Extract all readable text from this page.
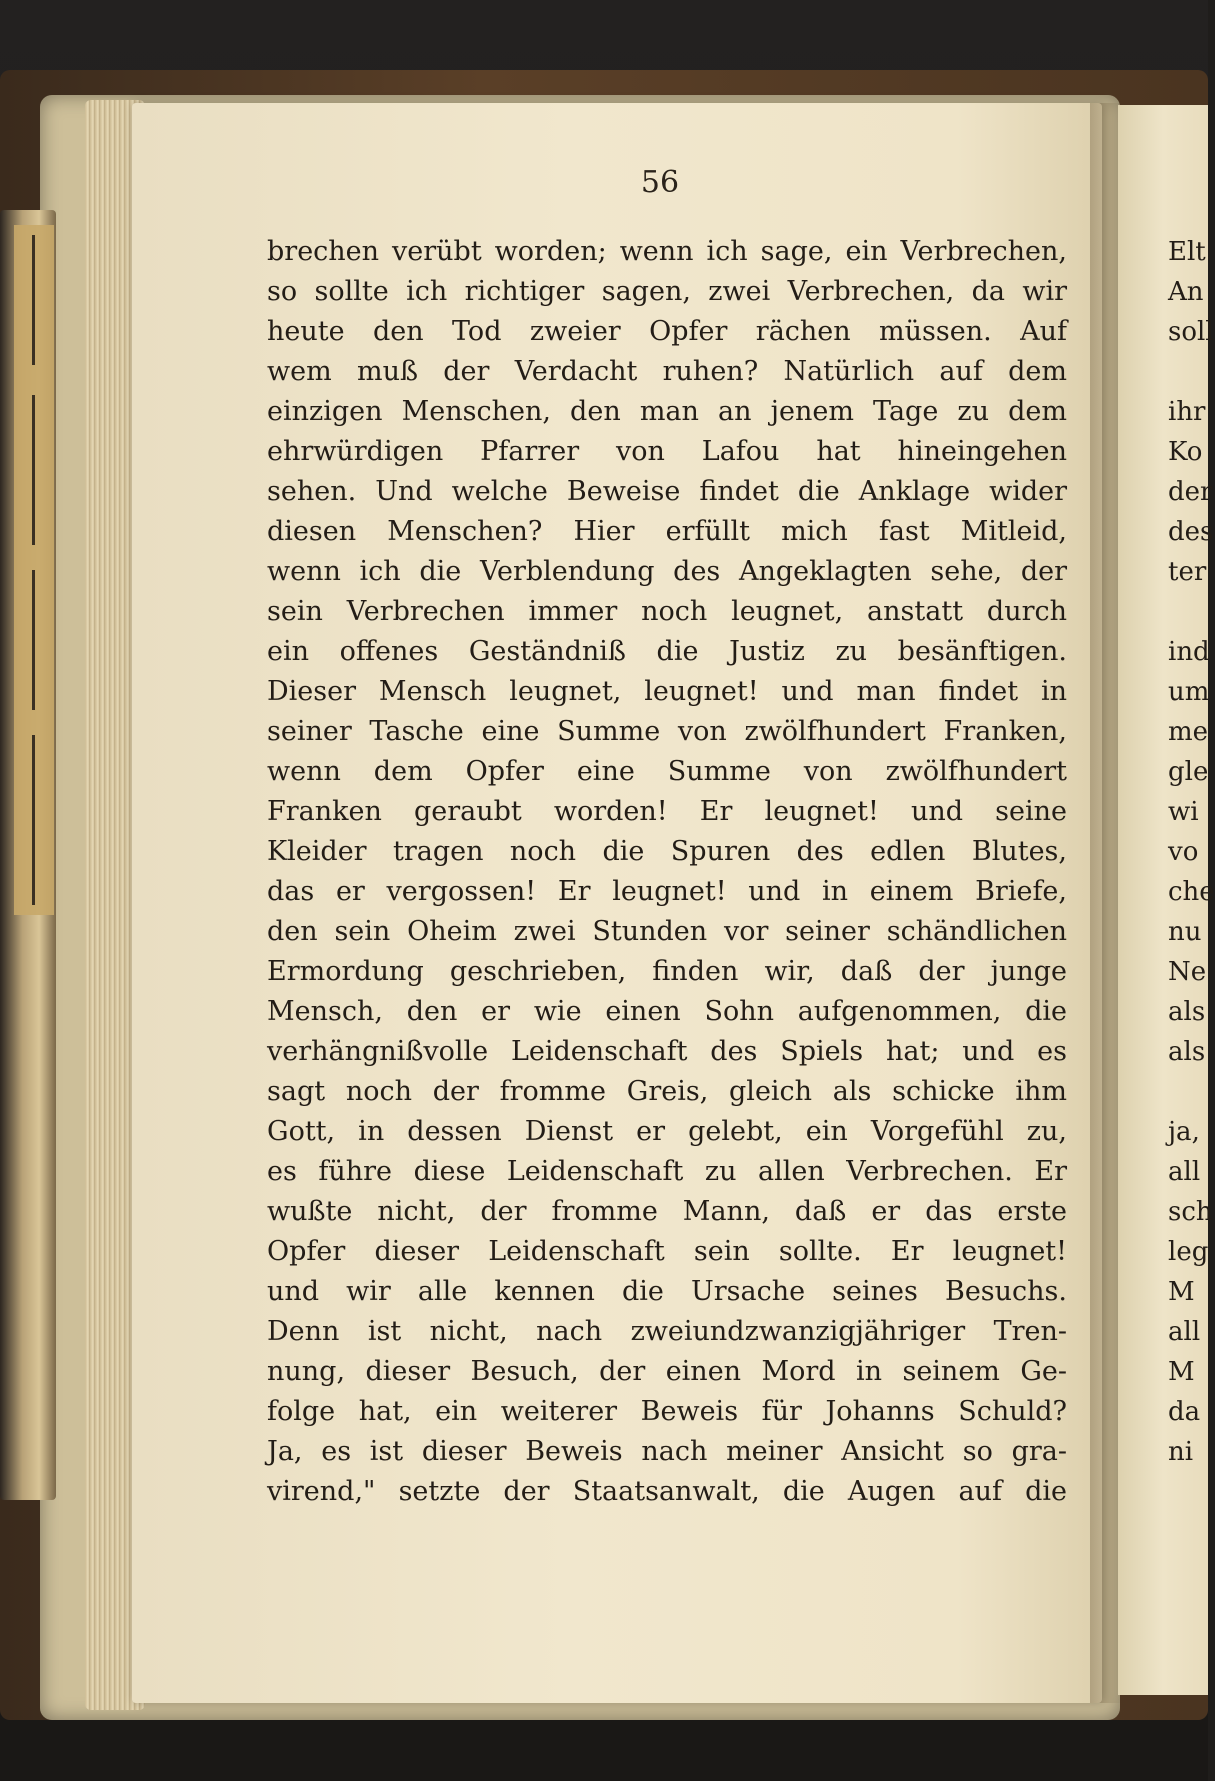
56
brechen verübt worden; wenn ich sage, ein Verbrechen,
so sollte ich richtiger sagen, zwei Verbrechen, da wir
heute den Tod zweier Opfer rächen müssen. Auf
wem muß der Verdacht ruhen? Natürlich auf dem
einzigen Menschen, den man an jenem Tage zu dem
ehrwürdigen Pfarrer von Lafou hat hineingehen
sehen. Und welche Beweise findet die Anklage wider
diesen Menschen? Hier erfüllt mich fast Mitleid,
wenn ich die Verblendung des Angeklagten sehe, der
sein Verbrechen immer noch leugnet, anstatt durch
ein offenes Geständniß die Justiz zu besänftigen.
Dieser Mensch leugnet, leugnet! und man findet in
seiner Tasche eine Summe von zwölfhundert Franken,
wenn dem Opfer eine Summe von zwölfhundert
Franken geraubt worden! Er leugnet! und seine
Kleider tragen noch die Spuren des edlen Blutes,
das er vergossen! Er leugnet! und in einem Briefe,
den sein Oheim zwei Stunden vor seiner schändlichen
Ermordung geschrieben, finden wir, daß der junge
Mensch, den er wie einen Sohn aufgenommen, die
verhängnißvolle Leidenschaft des Spiels hat; und es
sagt noch der fromme Greis, gleich als schicke ihm
Gott, in dessen Dienst er gelebt, ein Vorgefühl zu,
es führe diese Leidenschaft zu allen Verbrechen. Er
wußte nicht, der fromme Mann, daß er das erste
Opfer dieser Leidenschaft sein sollte. Er leugnet!
und wir alle kennen die Ursache seines Besuchs.
Denn ist nicht, nach zweiundzwanzigjähriger Tren-
nung, dieser Besuch, der einen Mord in seinem Ge-
folge hat, ein weiterer Beweis für Johanns Schuld?
Ja, es ist dieser Beweis nach meiner Ansicht so gra-
virend," setzte der Staatsanwalt, die Augen auf die
Elt
An
soll
ihr
Ko
der
des
ter
ind
um
me
gle
wi
vo
che
nu
Ne
als
als
ja,
all
sch
leg
M
all
M
da
ni
